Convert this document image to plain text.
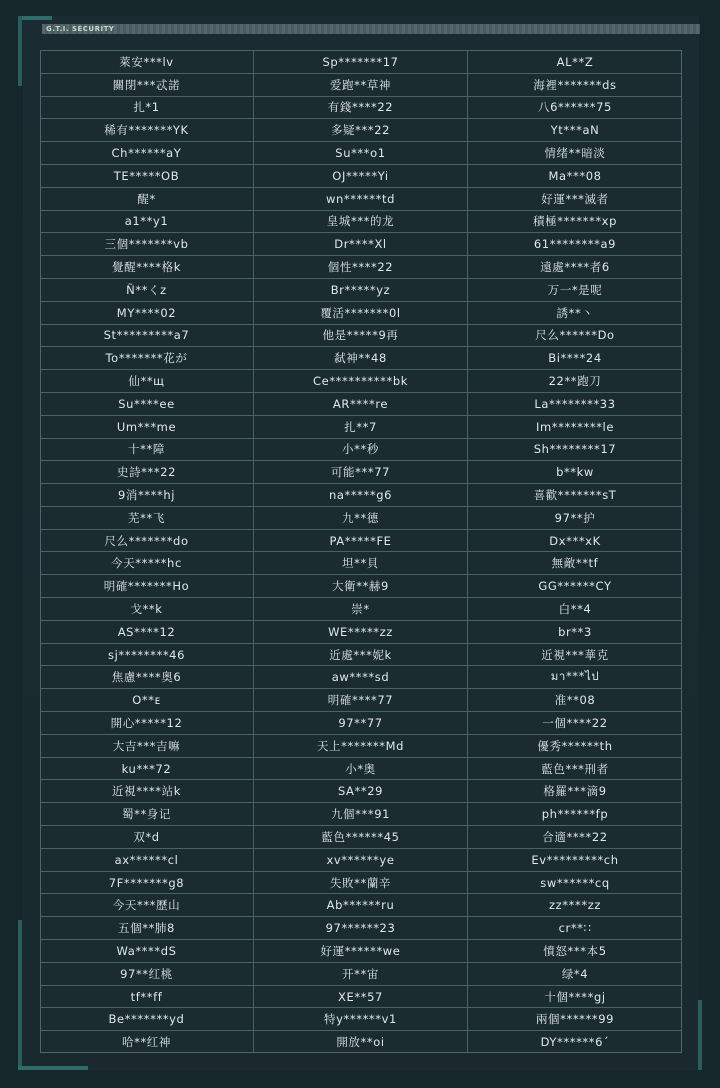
G.T.I. SECURITY
萊安***lv	Sp*******17	AL**Z
關閉***忒諾	爱跑**草神	海裡*******ds
扎*1	有錢****22	八6******75
稀有*******YK	多疑***22	Yt***aN
Ch******aY	Su***o1	情绪**暗淡
TE*****OB	OJ*****Yi	Ma***08
醒*	wn******td	好運***滅者
a1**y1	皇城***的龙	積極*******xp
三個*******vb	Dr****Xl	61********a9
覺醒****格k	個性****22	遠處****者6
Ñ**くz	Br*****yz	万一*是呢
MY****02	覆活*******0l	誘**丶
St*********a7	他是*****9再	尺么******Do
To*******花が	弑神**48	Bi****24
仙**щ	Ce**********bk	22**跑刀
Su****ee	AR****re	La********33
Um***me	扎**7	Im********le
十**障	小**秒	Sh********17
史詩***22	可能***77	b**kw
9消****hj	na*****g6	喜歡*******sT
芜**飞	九**德	97**护
尺么*******do	PA*****FE	Dx***xK
今天*****hc	坦**貝	無敵**tf
明確*******Ho	大衛**赫9	GG******CY
戈**k	崇*	白**4
AS****12	WE*****zz	br**3
sj********46	近處***妮k	近視***華克
焦慮****奥6	aw****sd	มา***ไป
O**ᴇ	明確****77	准**08
開心*****12	97**77	一個****22
大吉***吉嘛	天上*******Md	優秀******th
ku***72	小*奥	藍色***刑者
近視****站k	SA**29	格羅***滴9
蜀**身记	九個***91	ph******fp
双*d	藍色******45	合適****22
ax******cl	xv******ye	Ev*********ch
7F*******g8	失敗**蘭辛	sw******cq
今天***歷山	Ab******ru	zz****zz
五個**肺8	97******23	cr**∷
Wa****dS	好運******we	憤怒***本5
97**红桃	开**宙	绿*4
tf**ff	XE**57	十個****gj
Be*******yd	特y******v1	兩個******99
哈**红神	開放**oi	DY******6ˊ
